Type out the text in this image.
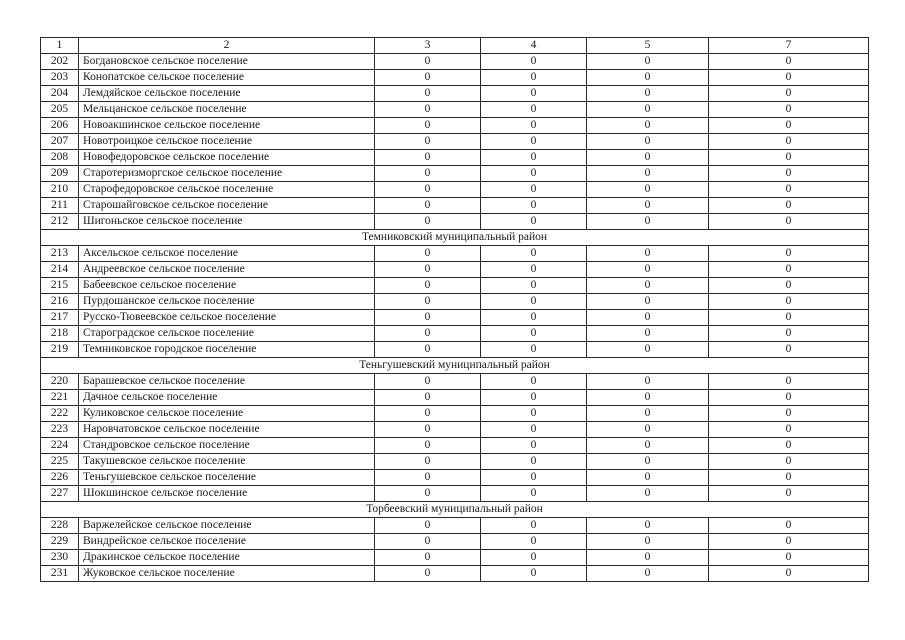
1	2	3	4	5	7
202	Богдановское сельское поселение	0	0	0	0
203	Конопатское сельское поселение	0	0	0	0
204	Лемдяйское сельское поселение	0	0	0	0
205	Мельцанское сельское поселение	0	0	0	0
206	Новоакшинское сельское поселение	0	0	0	0
207	Новотроицкое сельское поселение	0	0	0	0
208	Новофедоровское сельское поселение	0	0	0	0
209	Старотеризморгское сельское поселение	0	0	0	0
210	Старофедоровское сельское поселение	0	0	0	0
211	Старошайговское сельское поселение	0	0	0	0
212	Шигоньское сельское поселение	0	0	0	0
Темниковский муниципальный район					
213	Аксельское сельское поселение	0	0	0	0
214	Андреевское сельское поселение	0	0	0	0
215	Бабеевское сельское поселение	0	0	0	0
216	Пурдошанское сельское поселение	0	0	0	0
217	Русско-Тювеевское сельское поселение	0	0	0	0
218	Староградское сельское поселение	0	0	0	0
219	Темниковское городское поселение	0	0	0	0
Теньгушевский муниципальный район					
220	Барашевское сельское поселение	0	0	0	0
221	Дачное сельское поселение	0	0	0	0
222	Куликовское сельское поселение	0	0	0	0
223	Наровчатовское сельское поселение	0	0	0	0
224	Стандровское сельское поселение	0	0	0	0
225	Такушевское сельское поселение	0	0	0	0
226	Теньгушевское сельское поселение	0	0	0	0
227	Шокшинское сельское поселение	0	0	0	0
Торбеевский муниципальный район					
228	Варжелейское сельское поселение	0	0	0	0
229	Виндрейское сельское поселение	0	0	0	0
230	Дракинское сельское поселение	0	0	0	0
231	Жуковское сельское поселение	0	0	0	0
